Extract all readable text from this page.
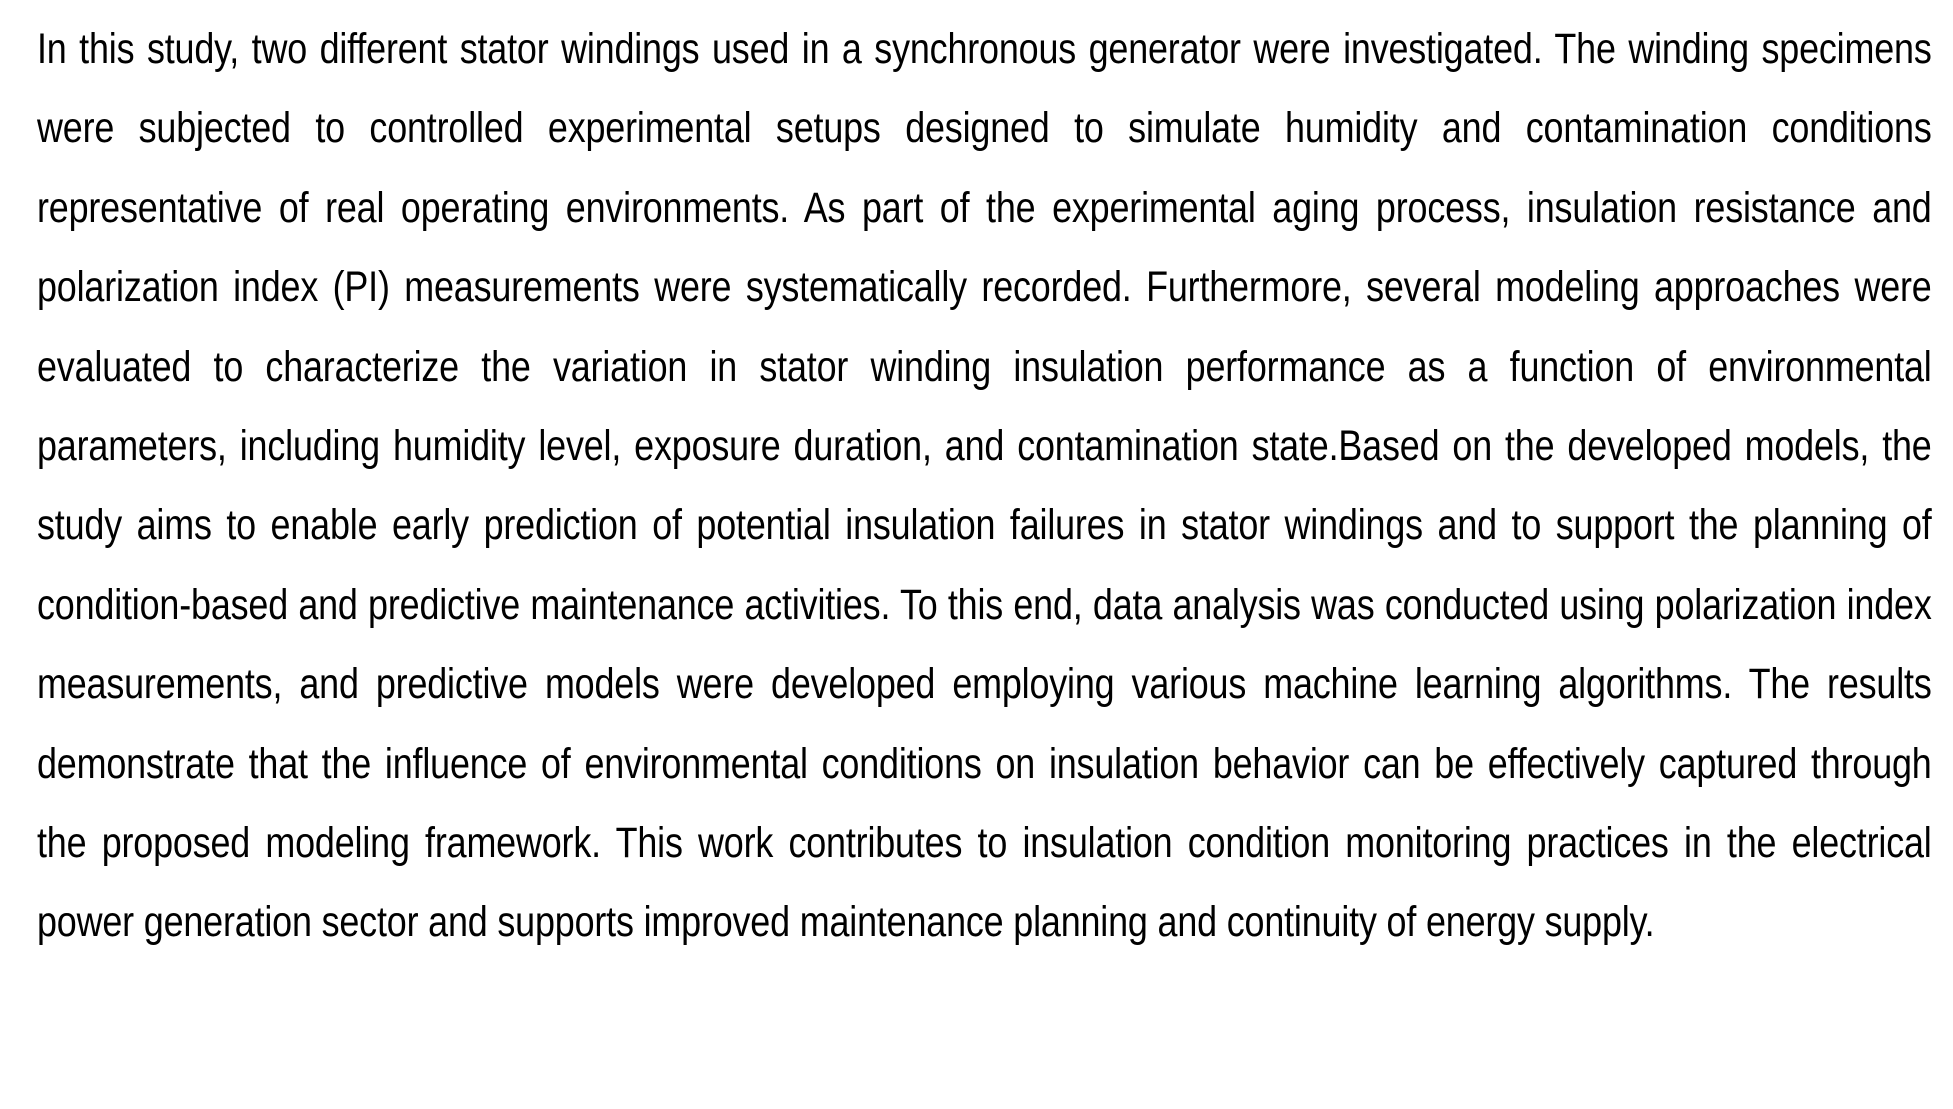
In this study, two different stator windings used in a synchronous generator were investigated. The winding specimens were subjected to controlled experimental setups designed to simulate humidity and contamination conditions representative of real operating environments. As part of the experimental aging process, insulation resistance and polarization index (PI) measurements were systematically recorded. Furthermore, several modeling approaches were evaluated to characterize the variation in stator winding insulation performance as a function of environmental parameters, including humidity level, exposure duration, and contamination state.Based on the developed models, the study aims to enable early prediction of potential insulation failures in stator windings and to support the planning of condition-based and predictive maintenance activities. To this end, data analysis was conducted using polarization index measurements, and predictive models were developed employing various machine learning algorithms. The results demonstrate that the influence of environmental conditions on insulation behavior can be effectively captured through the proposed modeling framework. This work contributes to insulation condition monitoring practices in the electrical power generation sector and supports improved maintenance planning and continuity of energy supply.
